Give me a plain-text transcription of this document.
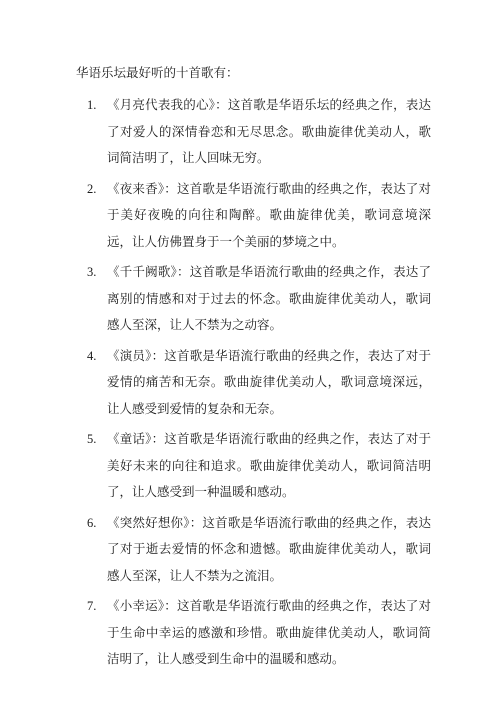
华语乐坛最好听的十首歌有：
1. 《月亮代表我的心》：这首歌是华语乐坛的经典之作，表达了对爱人的深情眷恋和无尽思念。歌曲旋律优美动人，歌词简洁明了，让人回味无穷。
2. 《夜来香》：这首歌是华语流行歌曲的经典之作，表达了对于美好夜晚的向往和陶醉。歌曲旋律优美，歌词意境深远，让人仿佛置身于一个美丽的梦境之中。
3. 《千千阙歌》：这首歌是华语流行歌曲的经典之作，表达了离别的情感和对于过去的怀念。歌曲旋律优美动人，歌词感人至深，让人不禁为之动容。
4. 《演员》：这首歌是华语流行歌曲的经典之作，表达了对于爱情的痛苦和无奈。歌曲旋律优美动人，歌词意境深远，让人感受到爱情的复杂和无奈。
5. 《童话》：这首歌是华语流行歌曲的经典之作，表达了对于美好未来的向往和追求。歌曲旋律优美动人，歌词简洁明了，让人感受到一种温暖和感动。
6. 《突然好想你》：这首歌是华语流行歌曲的经典之作，表达了对于逝去爱情的怀念和遗憾。歌曲旋律优美动人，歌词感人至深，让人不禁为之流泪。
7. 《小幸运》：这首歌是华语流行歌曲的经典之作，表达了对于生命中幸运的感激和珍惜。歌曲旋律优美动人，歌词简洁明了，让人感受到生命中的温暖和感动。
